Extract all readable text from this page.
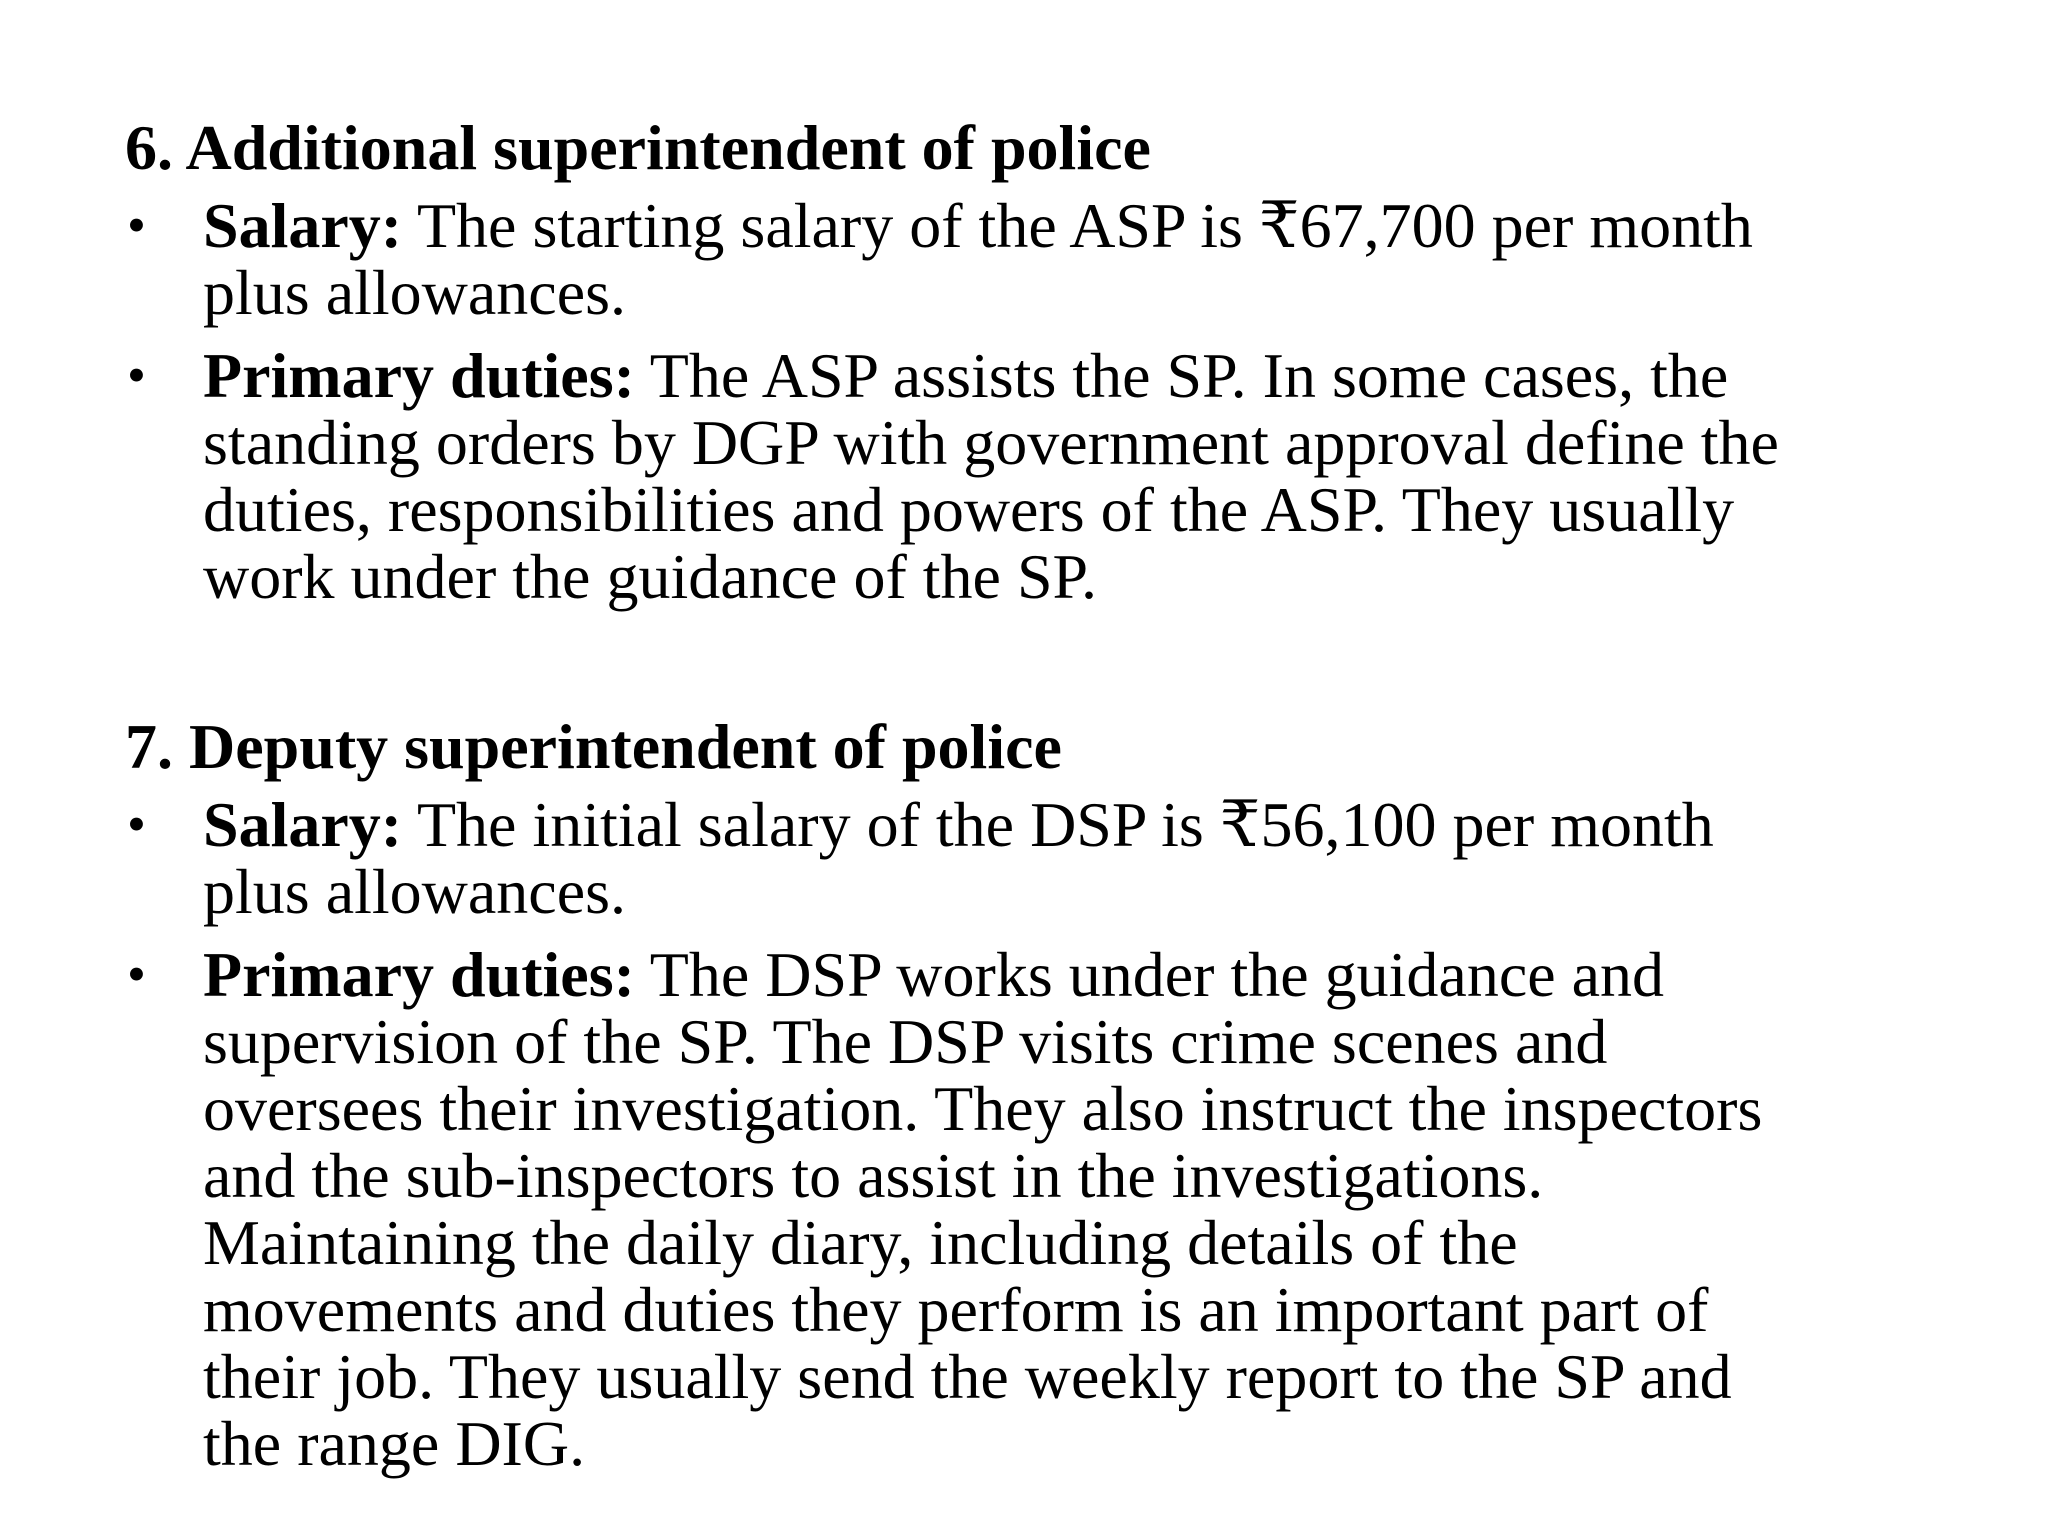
6. Additional superintendent of police
• Salary: The starting salary of the ASP is ₹67,700 per month
plus allowances.
• Primary duties: The ASP assists the SP. In some cases, the
standing orders by DGP with government approval define the
duties, responsibilities and powers of the ASP. They usually
work under the guidance of the SP.
7. Deputy superintendent of police
• Salary: The initial salary of the DSP is ₹56,100 per month
plus allowances.
• Primary duties: The DSP works under the guidance and
supervision of the SP. The DSP visits crime scenes and
oversees their investigation. They also instruct the inspectors
and the sub-inspectors to assist in the investigations.
Maintaining the daily diary, including details of the
movements and duties they perform is an important part of
their job. They usually send the weekly report to the SP and
the range DIG.
